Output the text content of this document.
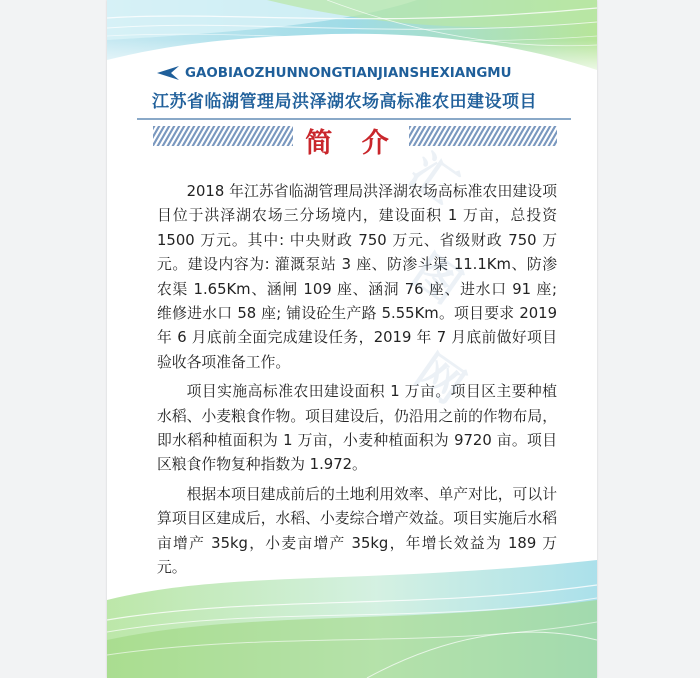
GAOBIAOZHUNNONGTIANJIANSHEXIANGMU
江苏省临湖管理局洪泽湖农场高标准农田建设项目
简 介

2018 年江苏省临湖管理局洪泽湖农场高标准农田建设项目位于洪泽湖农场三分场境内，建设面积 1 万亩，总投资 1500 万元。其中: 中央财政 750 万元、省级财政 750 万元。建设内容为: 灌溉泵站 3 座、防渗斗渠 11.1Km、防渗农渠 1.65Km、涵闸 109 座、涵洞 76 座、进水口 91 座; 维修进水口 58 座; 铺设砼生产路 5.55Km。项目要求 2019 年 6 月底前全面完成建设任务，2019 年 7 月底前做好项目验收各项准备工作。

项目实施高标准农田建设面积 1 万亩。项目区主要种植水稻、小麦粮食作物。项目建设后，仍沿用之前的作物布局，即水稻种植面积为 1 万亩，小麦种植面积为 9720 亩。项目区粮食作物复种指数为 1.972。

根据本项目建成前后的土地利用效率、单产对比，可以计算项目区建成后，水稻、小麦综合增产效益。项目实施后水稻亩增产 35kg，小麦亩增产 35kg，年增长效益为 189 万元。

汇
图
网
